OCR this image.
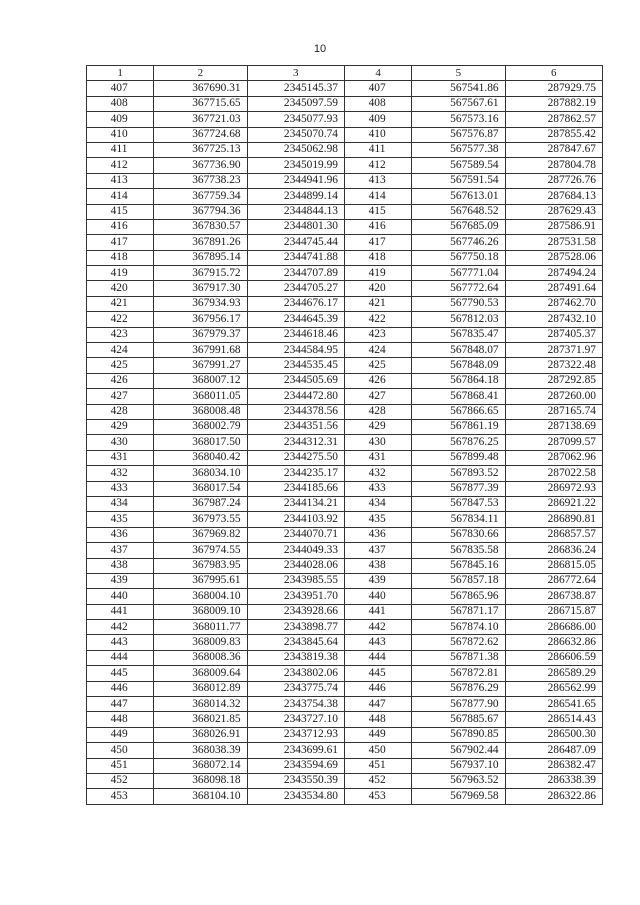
10
1	2	3	4	5	6
407	367690.31	2345145.37	407	567541.86	287929.75
408	367715.65	2345097.59	408	567567.61	287882.19
409	367721.03	2345077.93	409	567573.16	287862.57
410	367724.68	2345070.74	410	567576.87	287855.42
411	367725.13	2345062.98	411	567577.38	287847.67
412	367736.90	2345019.99	412	567589.54	287804.78
413	367738.23	2344941.96	413	567591.54	287726.76
414	367759.34	2344899.14	414	567613.01	287684.13
415	367794.36	2344844.13	415	567648.52	287629.43
416	367830.57	2344801.30	416	567685.09	287586.91
417	367891.26	2344745.44	417	567746.26	287531.58
418	367895.14	2344741.88	418	567750.18	287528.06
419	367915.72	2344707.89	419	567771.04	287494.24
420	367917.30	2344705.27	420	567772.64	287491.64
421	367934.93	2344676.17	421	567790.53	287462.70
422	367956.17	2344645.39	422	567812.03	287432.10
423	367979.37	2344618.46	423	567835.47	287405.37
424	367991.68	2344584.95	424	567848.07	287371.97
425	367991.27	2344535.45	425	567848.09	287322.48
426	368007.12	2344505.69	426	567864.18	287292.85
427	368011.05	2344472.80	427	567868.41	287260.00
428	368008.48	2344378.56	428	567866.65	287165.74
429	368002.79	2344351.56	429	567861.19	287138.69
430	368017.50	2344312.31	430	567876.25	287099.57
431	368040.42	2344275.50	431	567899.48	287062.96
432	368034.10	2344235.17	432	567893.52	287022.58
433	368017.54	2344185.66	433	567877.39	286972.93
434	367987.24	2344134.21	434	567847.53	286921.22
435	367973.55	2344103.92	435	567834.11	286890.81
436	367969.82	2344070.71	436	567830.66	286857.57
437	367974.55	2344049.33	437	567835.58	286836.24
438	367983.95	2344028.06	438	567845.16	286815.05
439	367995.61	2343985.55	439	567857.18	286772.64
440	368004.10	2343951.70	440	567865.96	286738.87
441	368009.10	2343928.66	441	567871.17	286715.87
442	368011.77	2343898.77	442	567874.10	286686.00
443	368009.83	2343845.64	443	567872.62	286632.86
444	368008.36	2343819.38	444	567871.38	286606.59
445	368009.64	2343802.06	445	567872.81	286589.29
446	368012.89	2343775.74	446	567876.29	286562.99
447	368014.32	2343754.38	447	567877.90	286541.65
448	368021.85	2343727.10	448	567885.67	286514.43
449	368026.91	2343712.93	449	567890.85	286500.30
450	368038.39	2343699.61	450	567902.44	286487.09
451	368072.14	2343594.69	451	567937.10	286382.47
452	368098.18	2343550.39	452	567963.52	286338.39
453	368104.10	2343534.80	453	567969.58	286322.86
